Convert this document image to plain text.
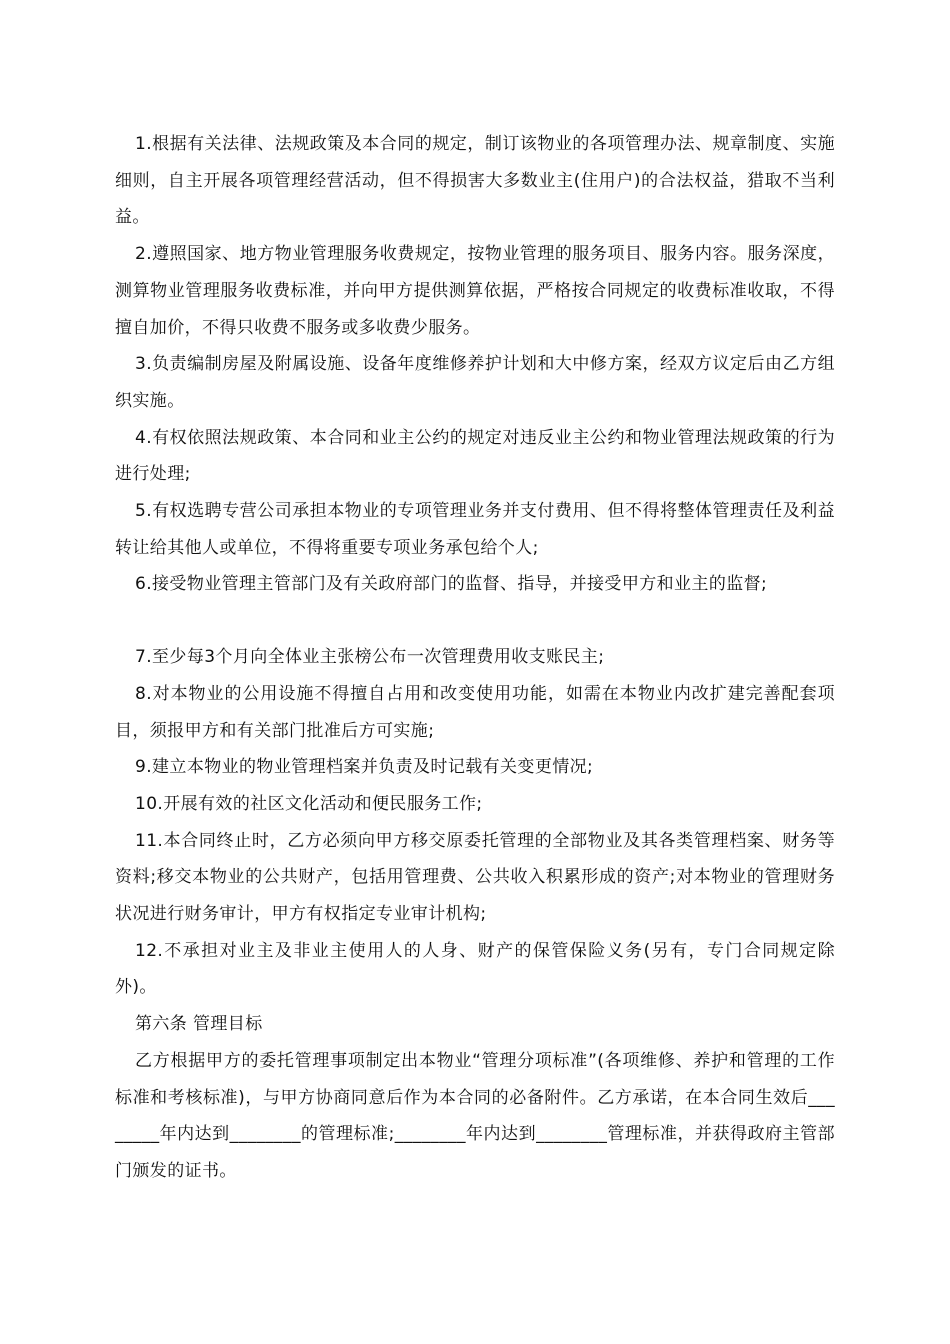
1.根据有关法律、法规政策及本合同的规定，制订该物业的各项管理办法、规章制度、实施细则，自主开展各项管理经营活动，但不得损害大多数业主(住用户)的合法权益，猎取不当利益。

2.遵照国家、地方物业管理服务收费规定，按物业管理的服务项目、服务内容。服务深度，测算物业管理服务收费标准，并向甲方提供测算依据，严格按合同规定的收费标准收取，不得擅自加价，不得只收费不服务或多收费少服务。

3.负责编制房屋及附属设施、设备年度维修养护计划和大中修方案，经双方议定后由乙方组织实施。

4.有权依照法规政策、本合同和业主公约的规定对违反业主公约和物业管理法规政策的行为进行处理;

5.有权选聘专营公司承担本物业的专项管理业务并支付费用、但不得将整体管理责任及利益转让给其他人或单位，不得将重要专项业务承包给个人;

6.接受物业管理主管部门及有关政府部门的监督、指导，并接受甲方和业主的监督;

7.至少每3个月向全体业主张榜公布一次管理费用收支账民主;

8.对本物业的公用设施不得擅自占用和改变使用功能，如需在本物业内改扩建完善配套项目，须报甲方和有关部门批准后方可实施;

9.建立本物业的物业管理档案并负责及时记载有关变更情况;

10.开展有效的社区文化活动和便民服务工作;

11.本合同终止时，乙方必须向甲方移交原委托管理的全部物业及其各类管理档案、财务等资料;移交本物业的公共财产，包括用管理费、公共收入积累形成的资产;对本物业的管理财务状况进行财务审计，甲方有权指定专业审计机构;

12.不承担对业主及非业主使用人的人身、财产的保管保险义务(另有，专门合同规定除外)。

第六条 管理目标

乙方根据甲方的委托管理事项制定出本物业“管理分项标准”(各项维修、养护和管理的工作标准和考核标准)，与甲方协商同意后作为本合同的必备附件。乙方承诺，在本合同生效后________年内达到________的管理标准;________年内达到________管理标准，并获得政府主管部门颁发的证书。
